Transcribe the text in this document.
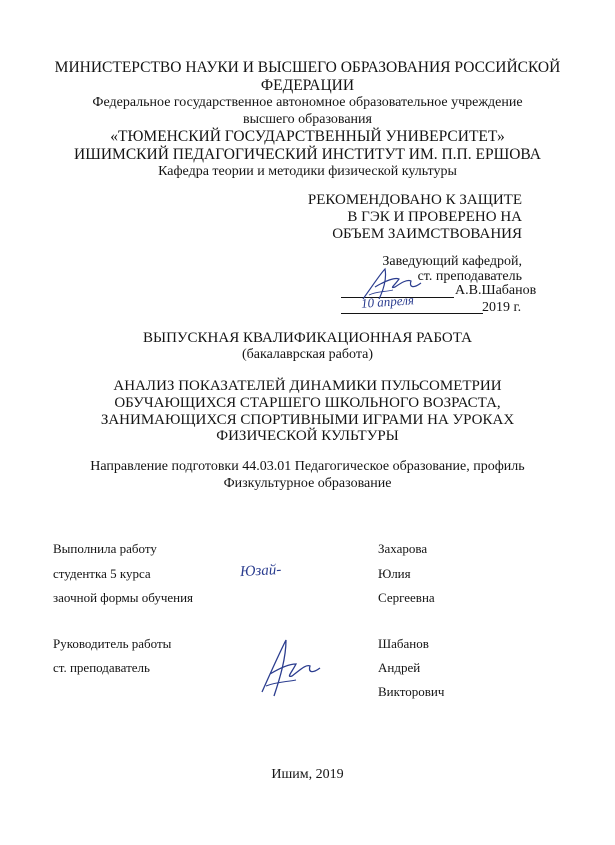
МИНИСТЕРСТВО НАУКИ И ВЫСШЕГО ОБРАЗОВАНИЯ РОССИЙСКОЙ
ФЕДЕРАЦИИ
Федеральное государственное автономное образовательное учреждение
высшего образования
«ТЮМЕНСКИЙ ГОСУДАРСТВЕННЫЙ УНИВЕРСИТЕТ»
ИШИМСКИЙ ПЕДАГОГИЧЕСКИЙ ИНСТИТУТ ИМ. П.П. ЕРШОВА
Кафедра теории и методики физической культуры
РЕКОМЕНДОВАНО К ЗАЩИТЕ
В ГЭК И ПРОВЕРЕНО НА
ОБЪЕМ ЗАИМСТВОВАНИЯ
Заведующий кафедрой,
ст. преподаватель
А.В.Шабанов
10 апреля	2019 г.
ВЫПУСКНАЯ КВАЛИФИКАЦИОННАЯ РАБОТА
(бакалаврская работа)
АНАЛИЗ ПОКАЗАТЕЛЕЙ ДИНАМИКИ ПУЛЬСОМЕТРИИ
ОБУЧАЮЩИХСЯ СТАРШЕГО ШКОЛЬНОГО ВОЗРАСТА,
ЗАНИМАЮЩИХСЯ СПОРТИВНЫМИ ИГРАМИ НА УРОКАХ
ФИЗИЧЕСКОЙ КУЛЬТУРЫ
Направление подготовки 44.03.01 Педагогическое образование, профиль
Физкультурное образование
Выполнила работу
студентка 5 курса
заочной формы обучения
Юзай-
Захарова
Юлия
Сергеевна
Руководитель работы
ст. преподаватель
Шабанов
Андрей
Викторович
Ишим, 2019
